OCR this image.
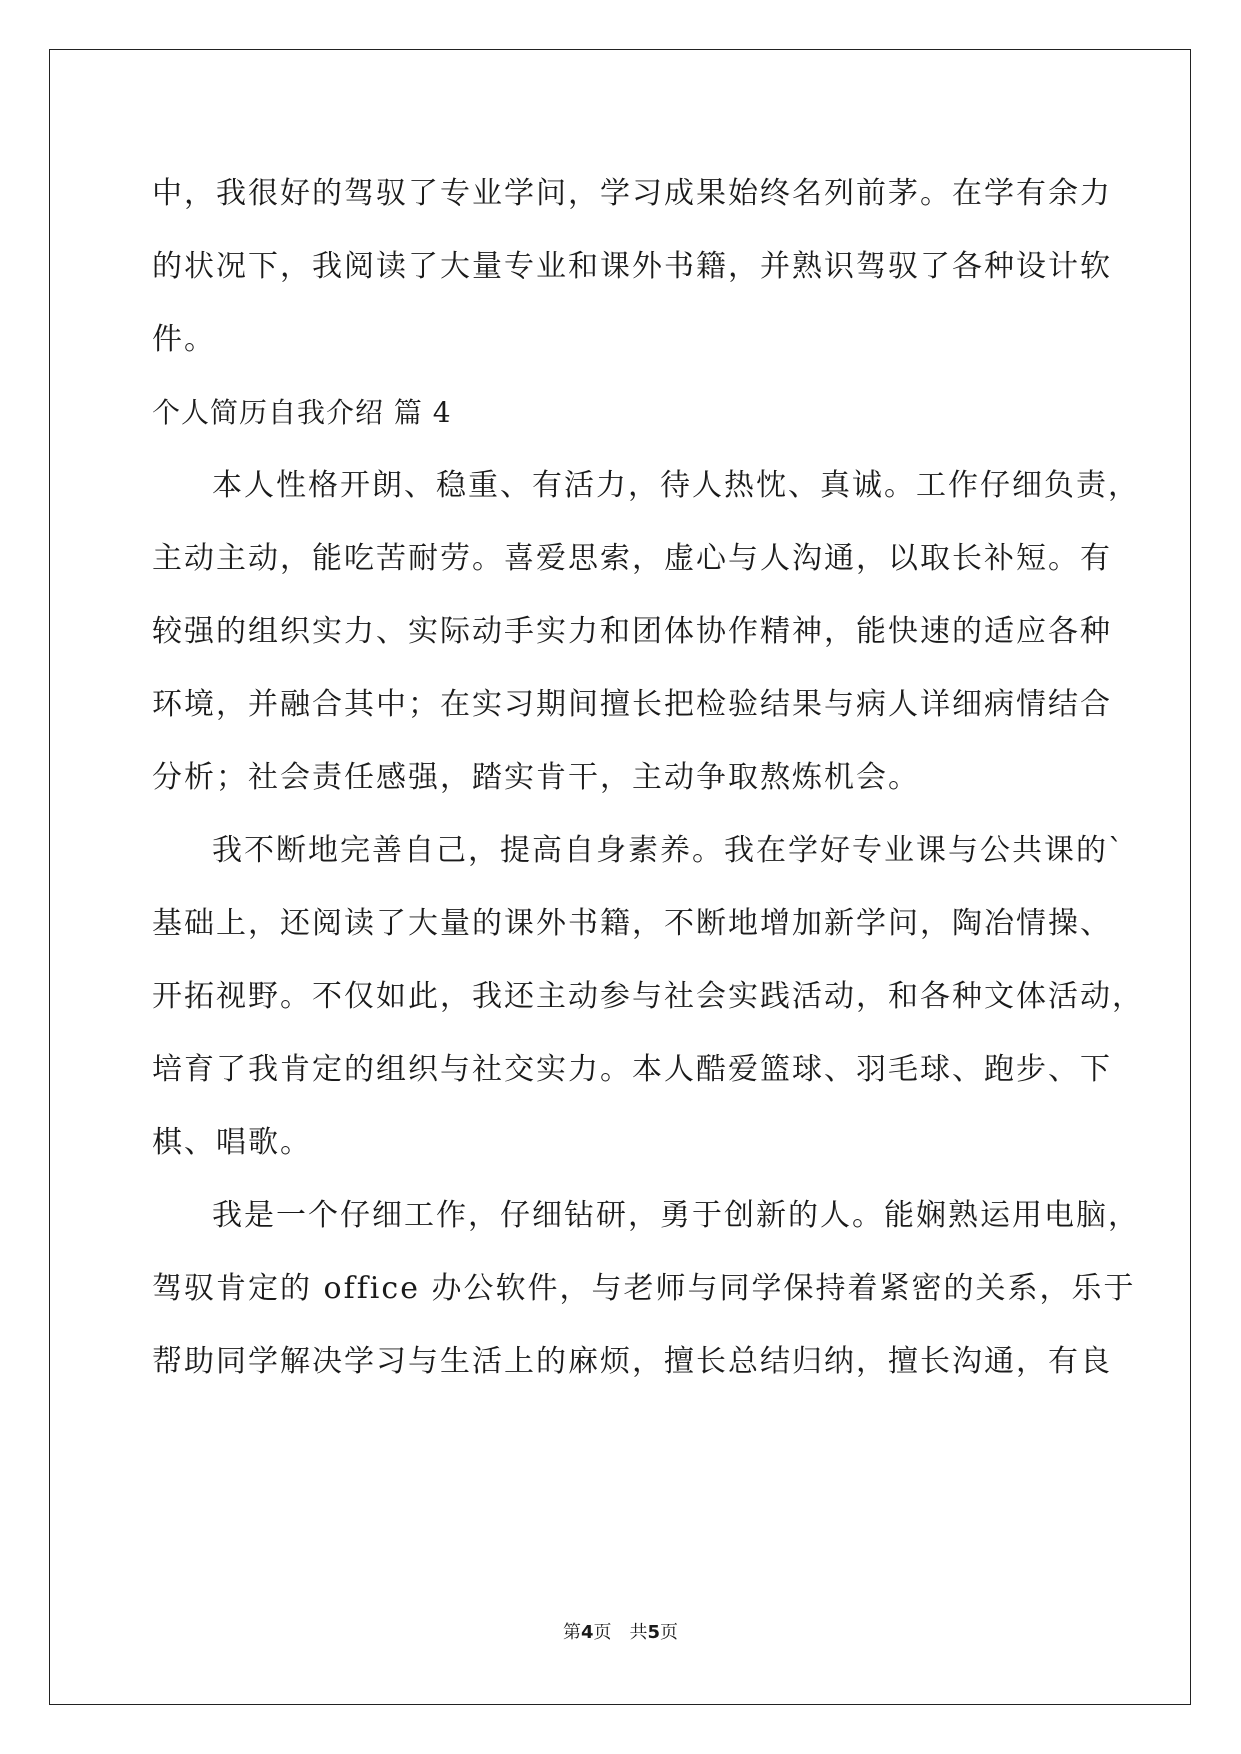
中，我很好的驾驭了专业学问，学习成果始终名列前茅。在学有余力
的状况下，我阅读了大量专业和课外书籍，并熟识驾驭了各种设计软
件。
个人简历自我介绍 篇 4
本人性格开朗、稳重、有活力，待人热忱、真诚。工作仔细负责，
主动主动，能吃苦耐劳。喜爱思索，虚心与人沟通，以取长补短。有
较强的组织实力、实际动手实力和团体协作精神，能快速的适应各种
环境，并融合其中；在实习期间擅长把检验结果与病人详细病情结合
分析；社会责任感强，踏实肯干，主动争取熬炼机会。
我不断地完善自己，提高自身素养。我在学好专业课与公共课的`
基础上，还阅读了大量的课外书籍，不断地增加新学问，陶冶情操、
开拓视野。不仅如此，我还主动参与社会实践活动，和各种文体活动，
培育了我肯定的组织与社交实力。本人酷爱篮球、羽毛球、跑步、下
棋、唱歌。
我是一个仔细工作，仔细钻研，勇于创新的人。能娴熟运用电脑，
驾驭肯定的 office 办公软件，与老师与同学保持着紧密的关系，乐于
帮助同学解决学习与生活上的麻烦，擅长总结归纳，擅长沟通，有良
第4页 共5页
